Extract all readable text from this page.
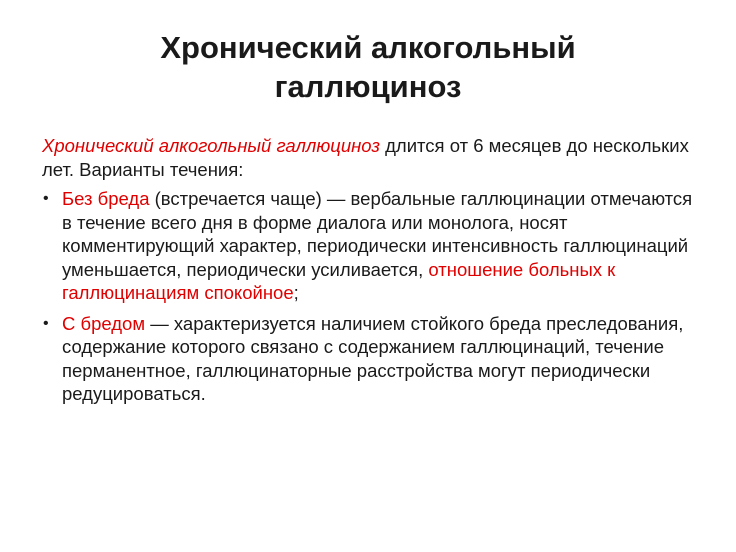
Хронический алкогольный
галлюциноз

Хронический алкогольный галлюциноз длится от 6 месяцев до нескольких лет. Варианты течения:

• Без бреда (встречается чаще) — вербальные галлюцинации отмечаются в течение всего дня в форме диалога или монолога, носят комментирующий характер, периодически интенсивность галлюцинаций уменьшается, периодически усиливается, отношение больных к галлюцинациям спокойное;
• С бредом — характеризуется наличием стойкого бреда преследования, содержание которого связано с содержанием галлюцинаций, течение перманентное, галлюцинаторные расстройства могут периодически редуцироваться.
